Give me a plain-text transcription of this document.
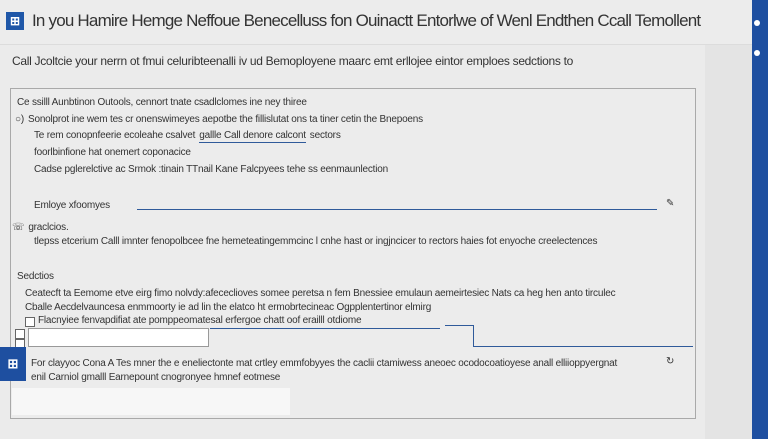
⊞ In you Hamire Hemge Neffoue Benecelluss fon Ouinactt Entorlwe of Wenl Endthen Ccall Temollent
Call Jcoltcie your nerrn ot fmui celuribteenalli iv ud Bemoployene maarc emt erllojee eintor emploes sedctions to
Ce ssilll Aunbtinon Outools, cennort tnate csadlclomes ine ney thiree
○) Sonolprot ine wem tes cr onenswimeyes aepotbe the fillislutat ons ta tiner cetin the Bnepoens
Te rem conopnfeerie ecoleahe csalvet gallle Call denore calcont sectors
foorlbinfione hat onemert coponacice
Cadse pglerelctive ac Srmok :tinain TTnail Kane Falcpyees tehe ss eenmaunlection
Emloye xfoomyes	✎
☏ graclcios.
tlepss etcerium Calll imnter fenopolbcee fne hemeteatingemmcinc l cnhe hast or ingjncicer to rectors haies fot enyoche creelectences
Sedctios
Ceatecft ta Eemome etve eirg fimo nolvdy:afececlioves somee peretsa n fem Bnessiee emulaun aemeirtesiec Nats ca heg hen anto tirculec
Cballe Aecdelvauncesa enmmoorty ie ad lin the elatco ht ermobrtecineac Ogpplentertinor elmirg
Flacnyiee fenvapdifiat ate pomppeomatesal erfergoe chatt oof erailll otdiome
⊞	For clayyoc Cona A Tes mner the e eneliectonte mat crtley emmfobyyes the caclii ctamiwess aneoec ocodocoatioyese anall elliioppyergnat
enil Carniol gmalll Earnepount cnogronyee hmnef eotmese
↻
